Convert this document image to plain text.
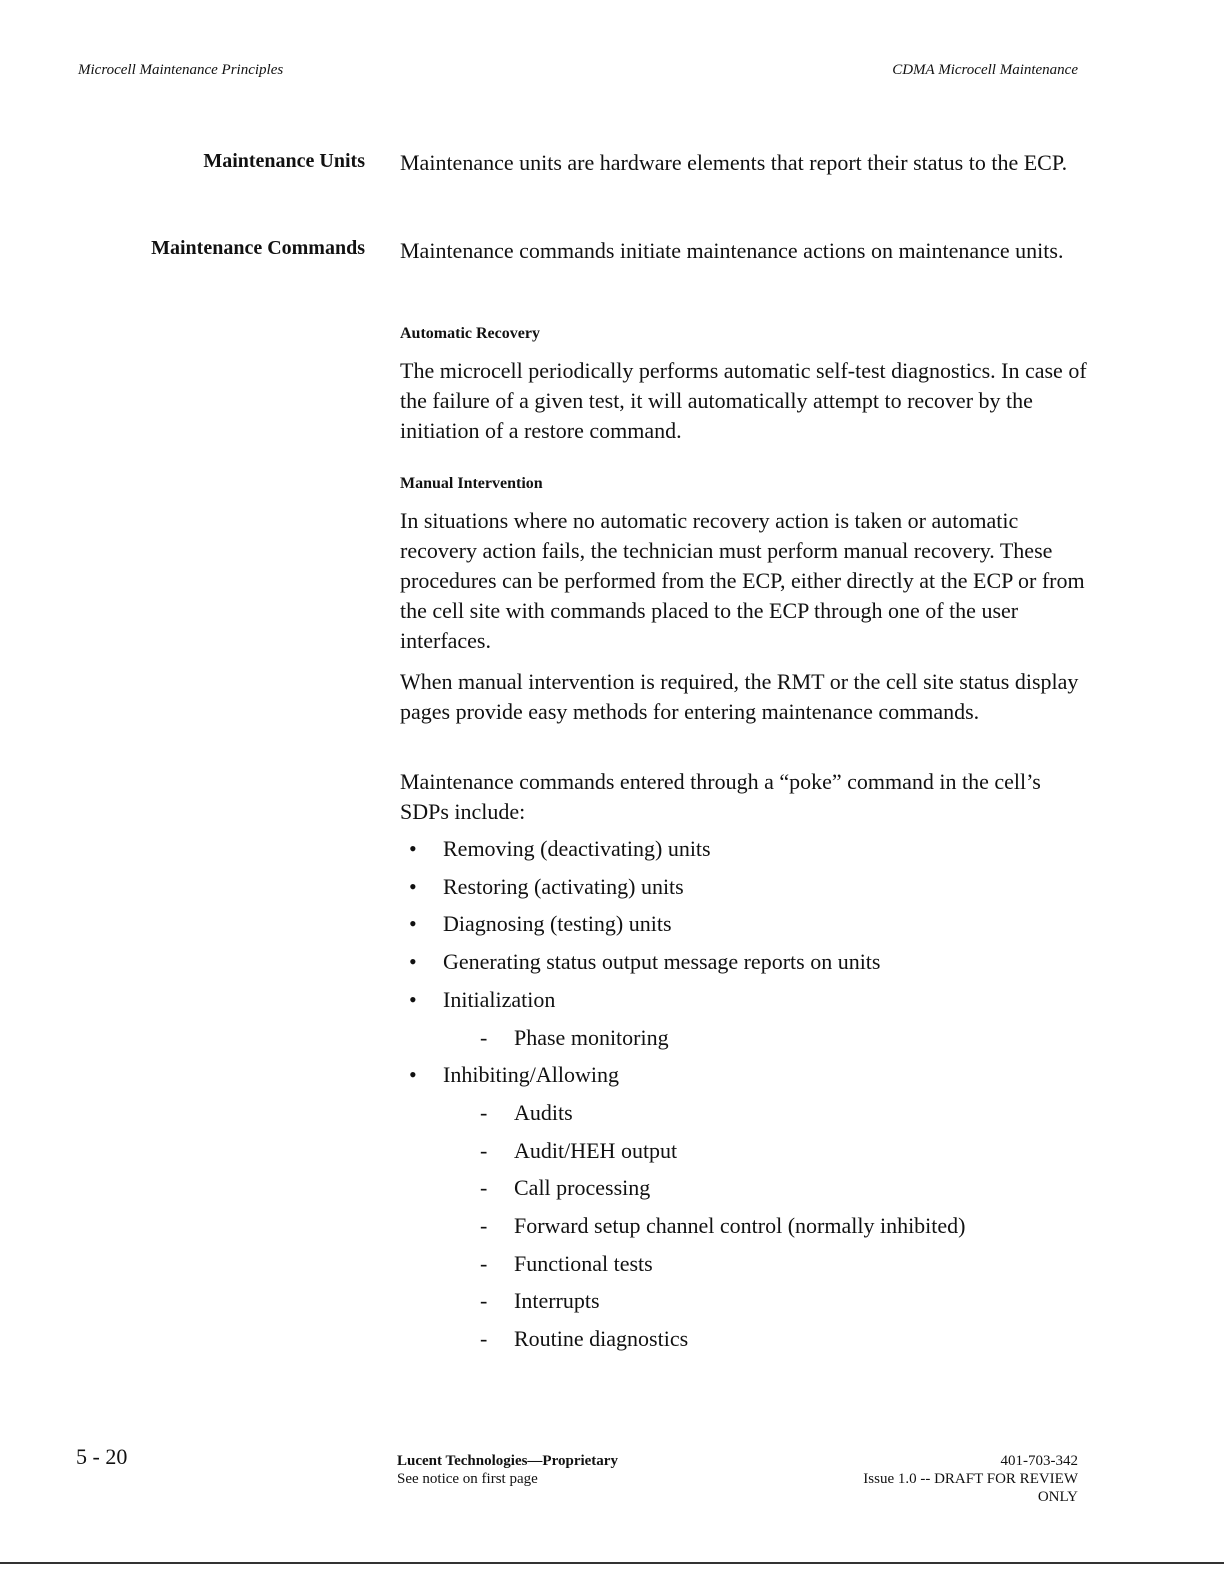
Microcell Maintenance Principles	CDMA Microcell Maintenance
Maintenance Units Maintenance units are hardware elements that report their status to the ECP.

Maintenance Commands Maintenance commands initiate maintenance actions on maintenance units.

Automatic Recovery

The microcell periodically performs automatic self-test diagnostics. In case of the failure of a given test, it will automatically attempt to recover by the initiation of a restore command.

Manual Intervention

In situations where no automatic recovery action is taken or automatic recovery action fails, the technician must perform manual recovery. These procedures can be performed from the ECP, either directly at the ECP or from the cell site with commands placed to the ECP through one of the user interfaces.

When manual intervention is required, the RMT or the cell site status display pages provide easy methods for entering maintenance commands.

Maintenance commands entered through a “poke” command in the cell’s SDPs include:

• Removing (deactivating) units
• Restoring (activating) units
• Diagnosing (testing) units
• Generating status output message reports on units
• Initialization
- Phase monitoring
• Inhibiting/Allowing
- Audits
- Audit/HEH output
- Call processing
- Forward setup channel control (normally inhibited)
- Functional tests
- Interrupts
- Routine diagnostics
5 - 20	Lucent Technologies—Proprietary
See notice on first page
401-703-342
Issue 1.0 -- DRAFT FOR REVIEW
ONLY
